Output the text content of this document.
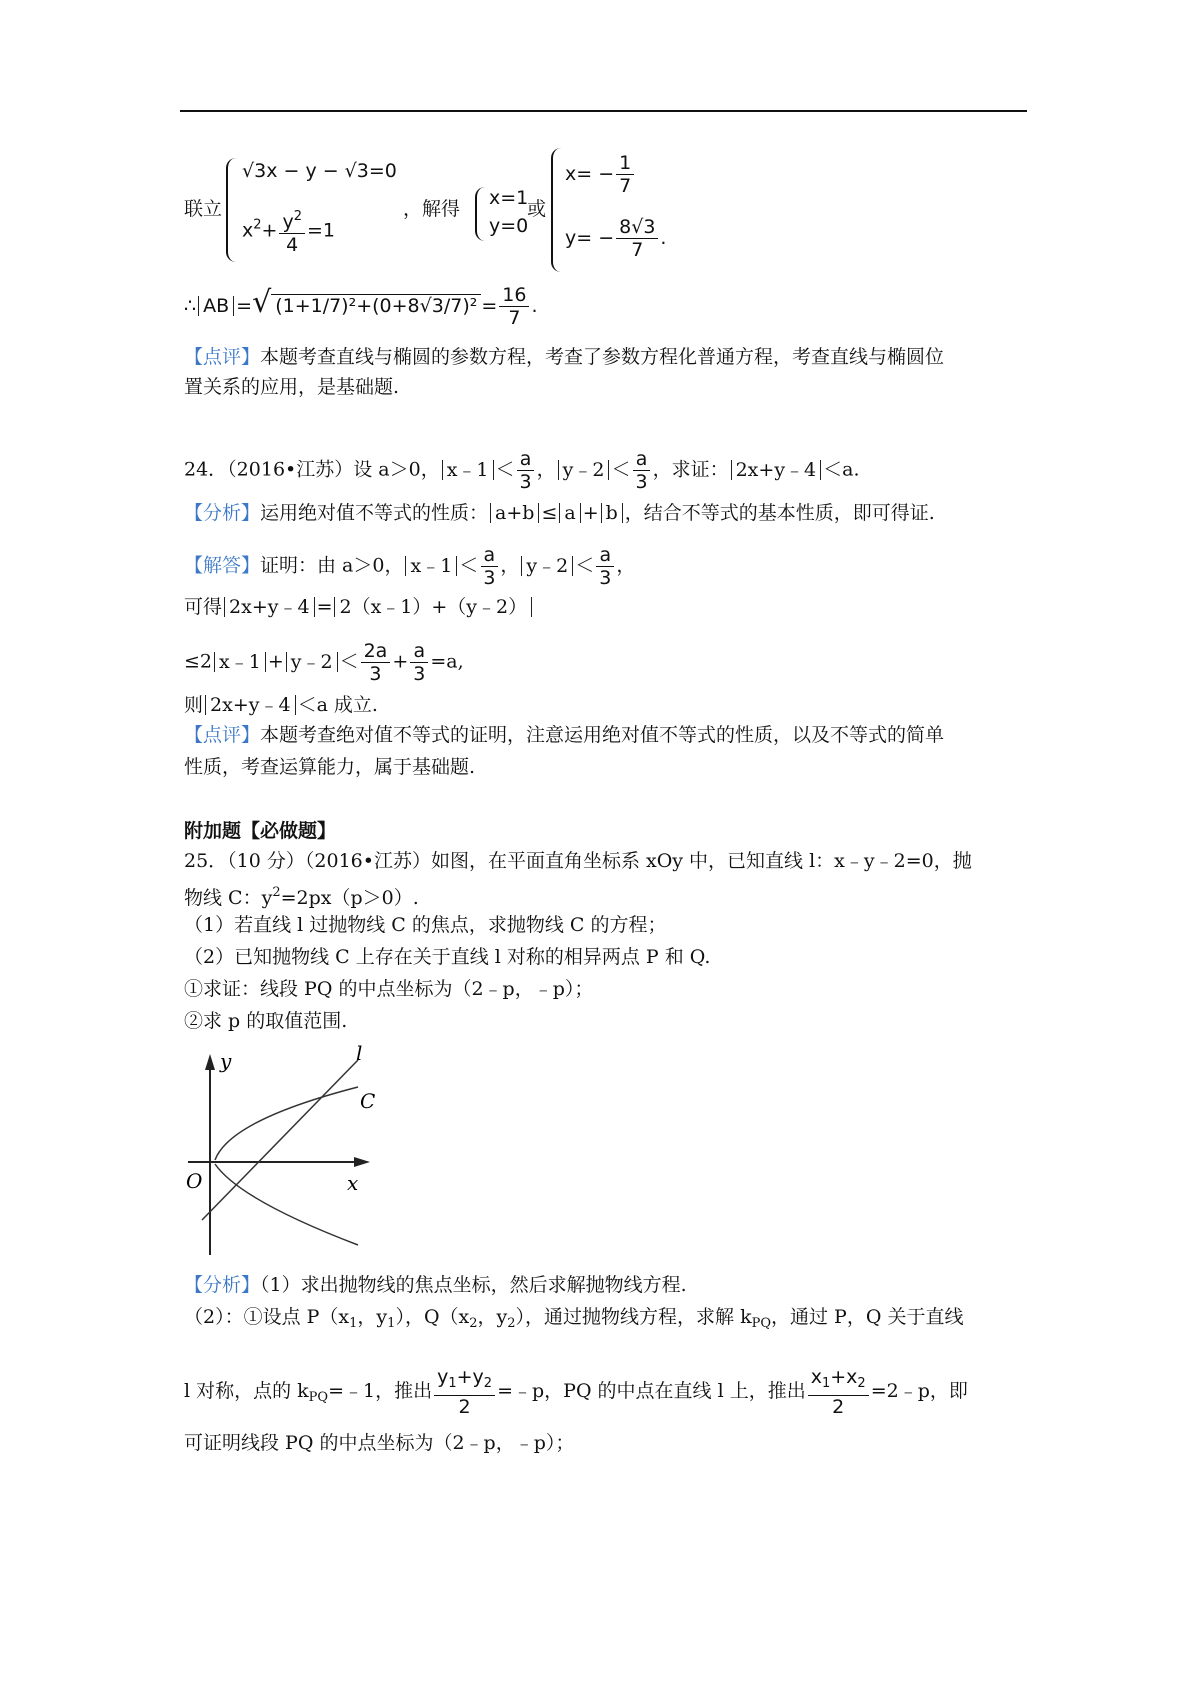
联立
√3x − y − √3=0
$x^2+ \frac{y^2}{4} =1$
，解得 x=1
y=0
或
$x= - \frac{1}{7}$
$y= - \frac{8√3}{7}$ .
∴ AB =√ $(1+1/7)^2+(0+8√3/7)^2 = \frac{16}{7}$ .
【点评】本题考查直线与椭圆的参数方程，考查了参数方程化普通方程，考查直线与椭圆位
置关系的应用，是基础题.
24．（2016•江苏）设 a＞0， x﹣1 ＜ $\frac{a}{3}$ ， y﹣2 ＜ $\frac{a}{3}$ ，求证： 2x+y﹣4 ＜a.
【分析】运用绝对值不等式的性质： a+b ≤ a + b ，结合不等式的基本性质，即可得证.
【解答】证明：由 a＞0， x﹣1 ＜ $\frac{a}{3}$ ， y﹣2 ＜ $\frac{a}{3}$ ，
可得 2x+y﹣4 = 2（x﹣1）+（y﹣2）
≤2 x﹣1 + y﹣2 ＜ $\frac{2a}{3} + \frac{a}{3} =a$,
则 2x+y﹣4 ＜a 成立.
【点评】本题考查绝对值不等式的证明，注意运用绝对值不等式的性质，以及不等式的简单
性质，考查运算能力，属于基础题.
附加题【必做题】
25．（10 分）（2016•江苏）如图，在平面直角坐标系 xOy 中，已知直线 l：x﹣y﹣2=0，抛
物线 C：$y^2=2px(p>0)$.
（1）若直线 l 过抛物线 C 的焦点，求抛物线 C 的方程；
（2）已知抛物线 C 上存在关于直线 l 对称的相异两点 P 和 Q.
①求证：线段 PQ 的中点坐标为（2﹣p，﹣p）；
②求 p 的取值范围.
y
x
O
l
C
【分析】（1）求出抛物线的焦点坐标，然后求解抛物线方程.
（2）：①设点 $P(x_1$，$y_1$），$Q(x_2$，$y_2$），通过抛物线方程，求解 $k_{PQ}$，通过 P，Q 关于直线
l 对称，点的 $k_{PQ}=﹣1$，推出 $\frac{y_1+y_2}{2}$ =﹣p，PQ 的中点在直线 l 上，推出 $\frac{x_1+x_2}{2}$ =2﹣p，即
可证明线段 PQ 的中点坐标为（2﹣p，﹣p）；
